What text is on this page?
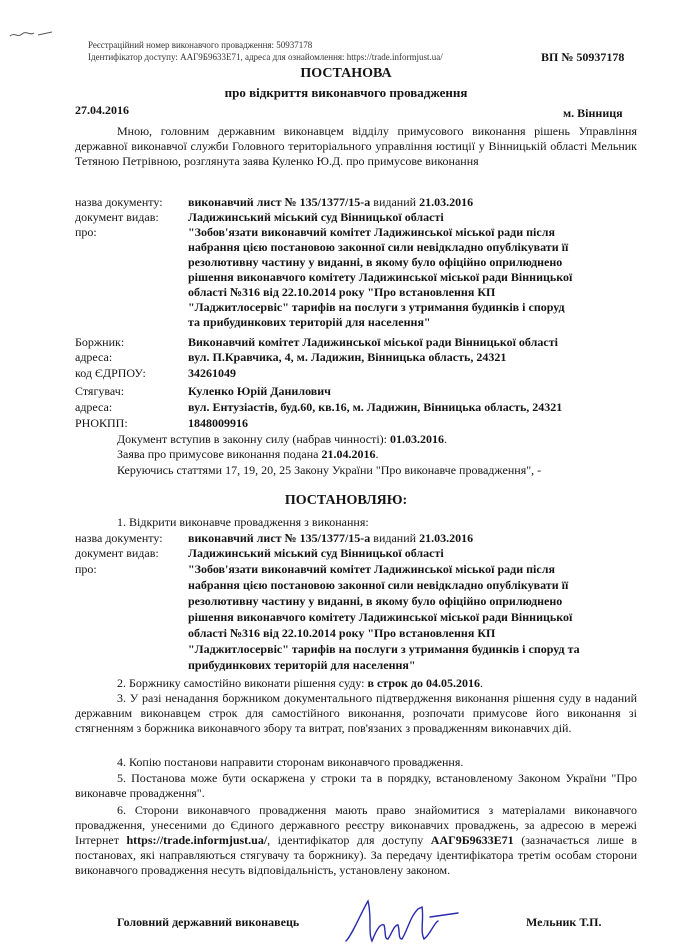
Реєстраційний номер виконавчого провадження: 50937178
Ідентифікатор доступу: ААГ9Б9633Е71, адреса для ознайомлення: https://trade.informjust.ua/	ВП № 50937178
ПОСТАНОВА
про відкриття виконавчого провадження
27.04.2016	м. Вінниця
Мною, головним державним виконавцем відділу примусового виконання рішень Управління державної виконавчої служби Головного територіального управління юстиції у Вінницькій області Мельник Тетяною Петрівною, розглянута заява Куленко Ю.Д. про примусове виконання
назва документу: виконавчий лист № 135/1377/15-а виданий 21.03.2016
документ видав: Ладижинський міський суд Вінницької області
про:	"Зобов'язати виконавчий комітет Ладижинської міської ради після
набрання цією постановою законної сили невідкладно опублікувати її
резолютивну частину у виданні, в якому було офіційно оприлюднено
рішення виконавчого комітету Ладижинської міської ради Вінницької
області №316 від 22.10.2014 року "Про встановлення КП
"Ладжитлосервіс" тарифів на послуги з утримання будинків і споруд
та прибудинкових територій для населення"
Боржник:	Виконавчий комітет Ладижинської міської ради Вінницької області
адреса:	вул. П.Кравчика, 4, м. Ладижин, Вінницька область, 24321
код ЄДРПОУ:	34261049
Стягувач:	Куленко Юрій Данилович
адреса:	вул. Ентузіастів, буд.60, кв.16, м. Ладижин, Вінницька область, 24321
РНОКПП:	1848009916
Документ вступив в законну силу (набрав чинності): 01.03.2016.
Заява про примусове виконання подана 21.04.2016.
Керуючись статтями 17, 19, 20, 25 Закону України "Про виконавче провадження", -
ПОСТАНОВЛЯЮ:
1. Відкрити виконавче провадження з виконання:
назва документу: виконавчий лист № 135/1377/15-а виданий 21.03.2016
документ видав: Ладижинський міський суд Вінницької області
про:	"Зобов'язати виконавчий комітет Ладижинської міської ради після
набрання цією постановою законної сили невідкладно опублікувати її
резолютивну частину у виданні, в якому було офіційно оприлюднено
рішення виконавчого комітету Ладижинської міської ради Вінницької
області №316 від 22.10.2014 року "Про встановлення КП
"Ладжитлосервіс" тарифів на послуги з утримання будинків і споруд та
прибудинкових територій для населення"
2. Боржнику самостійно виконати рішення суду: в строк до 04.05.2016.
3. У разі ненадання боржником документального підтвердження виконання рішення суду в наданий державним виконавцем строк для самостійного виконання, розпочати примусове його виконання зі стягненням з боржника виконавчого збору та витрат, пов'язаних з провадженням виконавчих дій.
4. Копію постанови направити сторонам виконавчого провадження.
5. Постанова може бути оскаржена у строки та в порядку, встановленому Законом України "Про виконавче провадження".
6. Сторони виконавчого провадження мають право знайомитися з матеріалами виконавчого провадження, унесеними до Єдиного державного реєстру виконавчих проваджень, за адресою в мережі Інтернет https://trade.informjust.ua/, ідентифікатор для доступу ААГ9Б9633Е71 (зазначається лише в постановах, які направляються стягувачу та боржнику). За передачу ідентифікатора третім особам сторони виконавчого провадження несуть відповідальність, установлену законом.
Головний державний виконавець	Мельник Т.П.
